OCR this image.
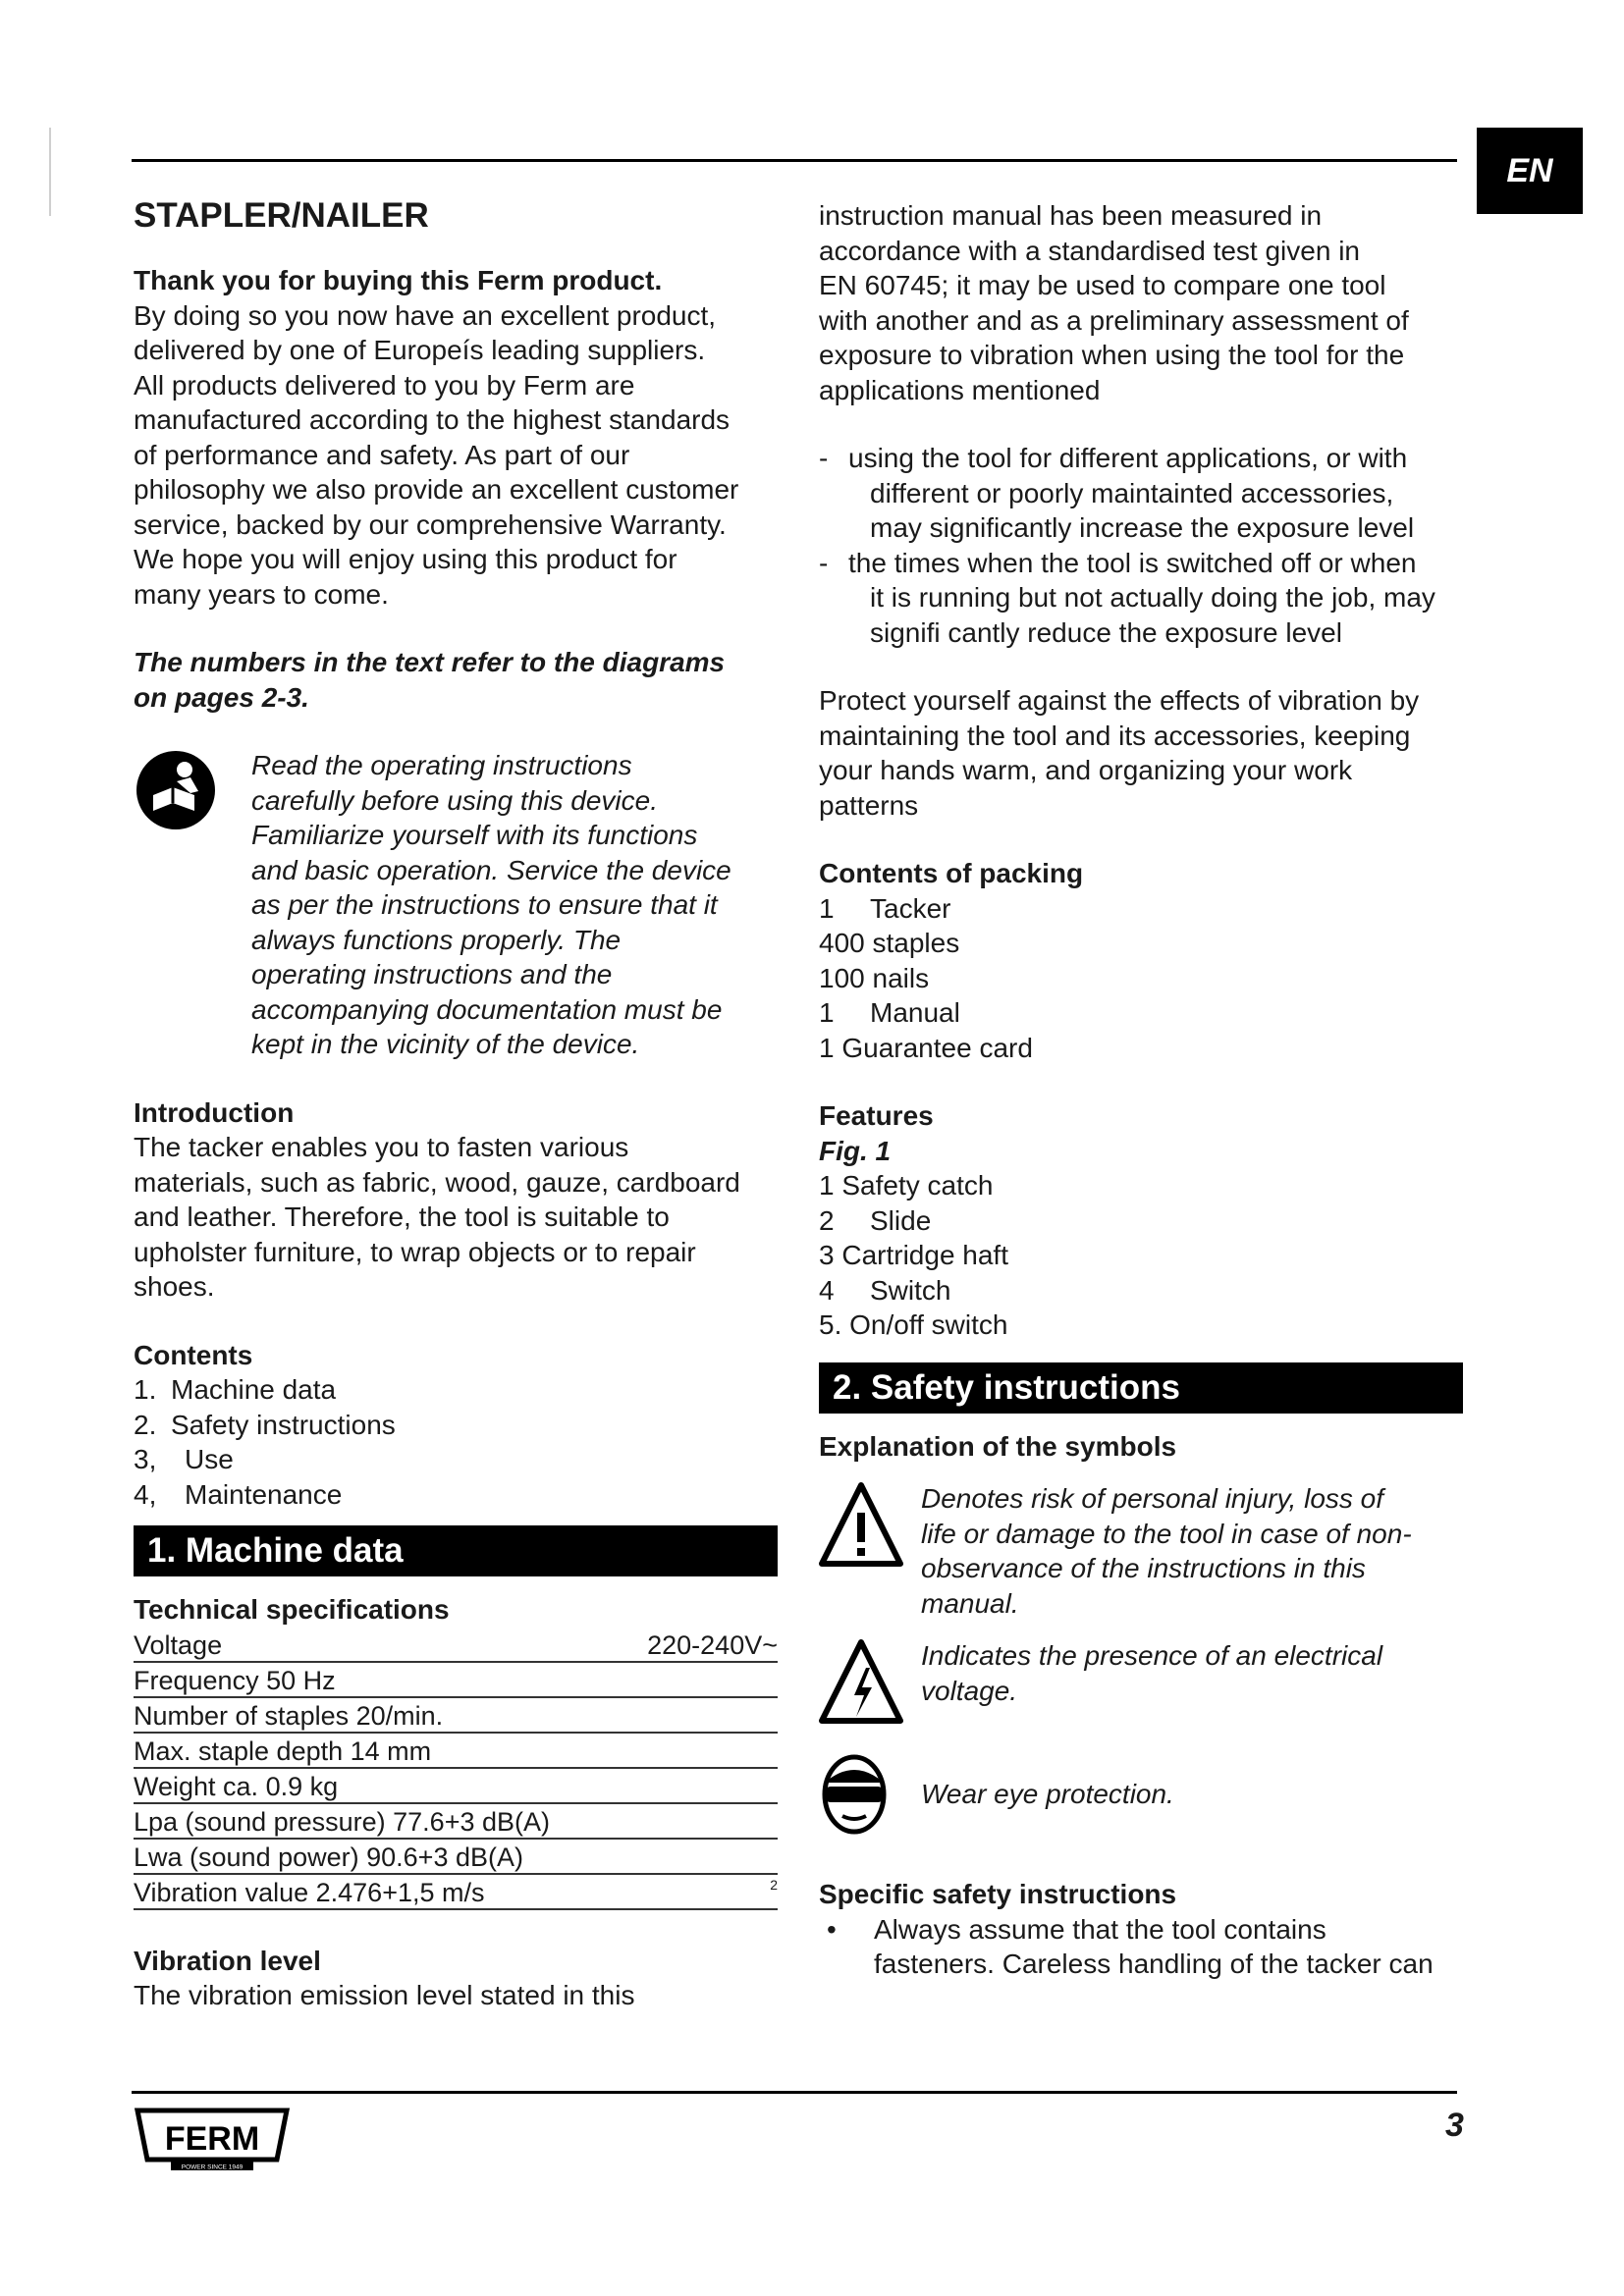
EN
STAPLER/NAILER

Thank you for buying this Ferm product.

By doing so you now have an excellent product,

delivered by one of Europeís leading suppliers.

All products delivered to you by Ferm are

manufactured according to the highest standards

of performance and safety. As part of our

philosophy we also provide an excellent customer

service, backed by our comprehensive Warranty.

We hope you will enjoy using this product for

many years to come.

The numbers in the text refer to the diagrams

on pages 2-3.

Read the operating instructions

carefully before using this device.

Familiarize yourself with its functions

and basic operation. Service the device

as per the instructions to ensure that it

always functions properly. The

operating instructions and the

accompanying documentation must be

kept in the vicinity of the device.

Introduction

The tacker enables you to fasten various

materials, such as fabric, wood, gauze, cardboard

and leather. Therefore, the tool is suitable to

upholster furniture, to wrap objects or to repair

shoes.

Contents

1. Machine data
2. Safety instructions
3,	Use
4,	Maintenance
1. Machine data

Technical specifications

Voltage	220-240V~
Frequency 50 Hz
Number of staples 20/min.
Max. staple depth 14 mm
Weight ca. 0.9 kg
Lpa (sound pressure) 77.6+3 dB(A)
Lwa (sound power) 90.6+3 dB(A)
Vibration value 2.476+1,5 m/s	2

Vibration level

The vibration emission level stated in this

instruction manual has been measured in

accordance with a standardised test given in

EN 60745; it may be used to compare one tool

with another and as a preliminary assessment of

exposure to vibration when using the tool for the

applications mentioned

- using the tool for different applications, or with
different or poorly maintainted accessories,
may significantly increase the exposure level
- the times when the tool is switched off or when
it is running but not actually doing the job, may
signifi cantly reduce the exposure level

Protect yourself against the effects of vibration by

maintaining the tool and its accessories, keeping

your hands warm, and organizing your work

patterns

Contents of packing

1	Tacker
400 staples
100 nails
1	Manual
1 Guarantee card

Features

Fig. 1

1 Safety catch
2	Slide
3 Cartridge haft
4	Switch
5. On/off switch
2. Safety instructions

Explanation of the symbols

Denotes risk of personal injury, loss of

life or damage to the tool in case of non-

observance of the instructions in this

manual.

Indicates the presence of an electrical

voltage.

Wear eye protection.

Specific safety instructions

•	Always assume that the tool contains
fasteners. Careless handling of the tacker can
FERM
POWER SINCE 1949
3
